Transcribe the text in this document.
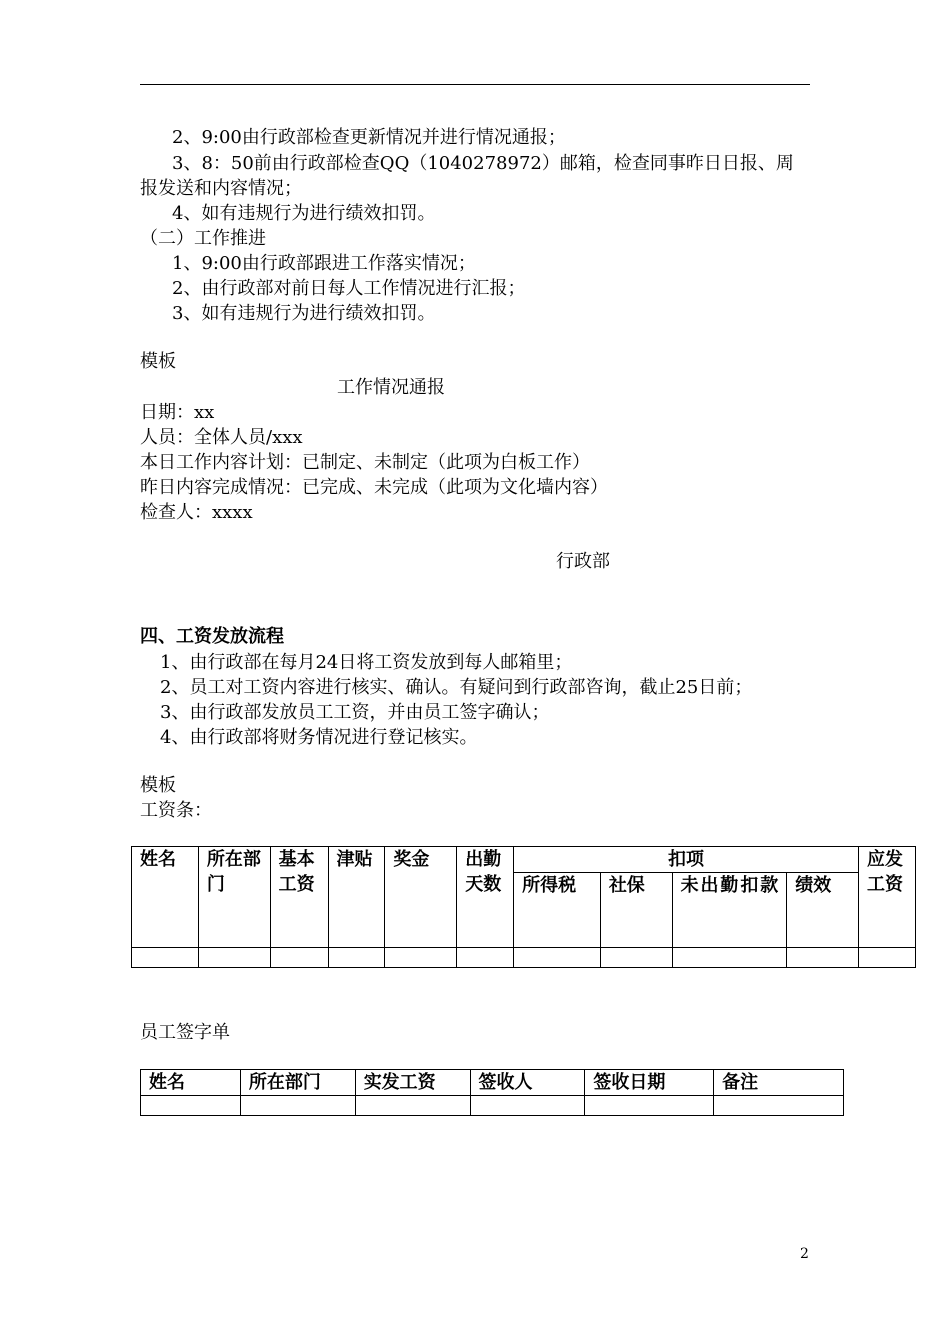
2、9:00由行政部检查更新情况并进行情况通报；
3、8：50前由行政部检查QQ（1040278972）邮箱，检查同事昨日日报、周
报发送和内容情况；
4、如有违规行为进行绩效扣罚。
（二）工作推进
1、9:00由行政部跟进工作落实情况；
2、由行政部对前日每人工作情况进行汇报；
3、如有违规行为进行绩效扣罚。
模板
工作情况通报
日期：xx
人员：全体人员/xxx
本日工作内容计划：已制定、未制定（此项为白板工作）
昨日内容完成情况：已完成、未完成（此项为文化墙内容）
检查人：xxxx
行政部
四、工资发放流程
1、由行政部在每月24日将工资发放到每人邮箱里；
2、员工对工资内容进行核实、确认。有疑问到行政部咨询，截止25日前；
3、由行政部发放员工工资，并由员工签字确认；
4、由行政部将财务情况进行登记核实。
模板
工资条：
姓名	所在部门	基本工资	津贴	奖金	出勤天数	扣项				应发工资
						所得税	社保	未出勤扣款	绩效	

员工签字单
姓名	所在部门	实发工资	签收人	签收日期	备注

2
